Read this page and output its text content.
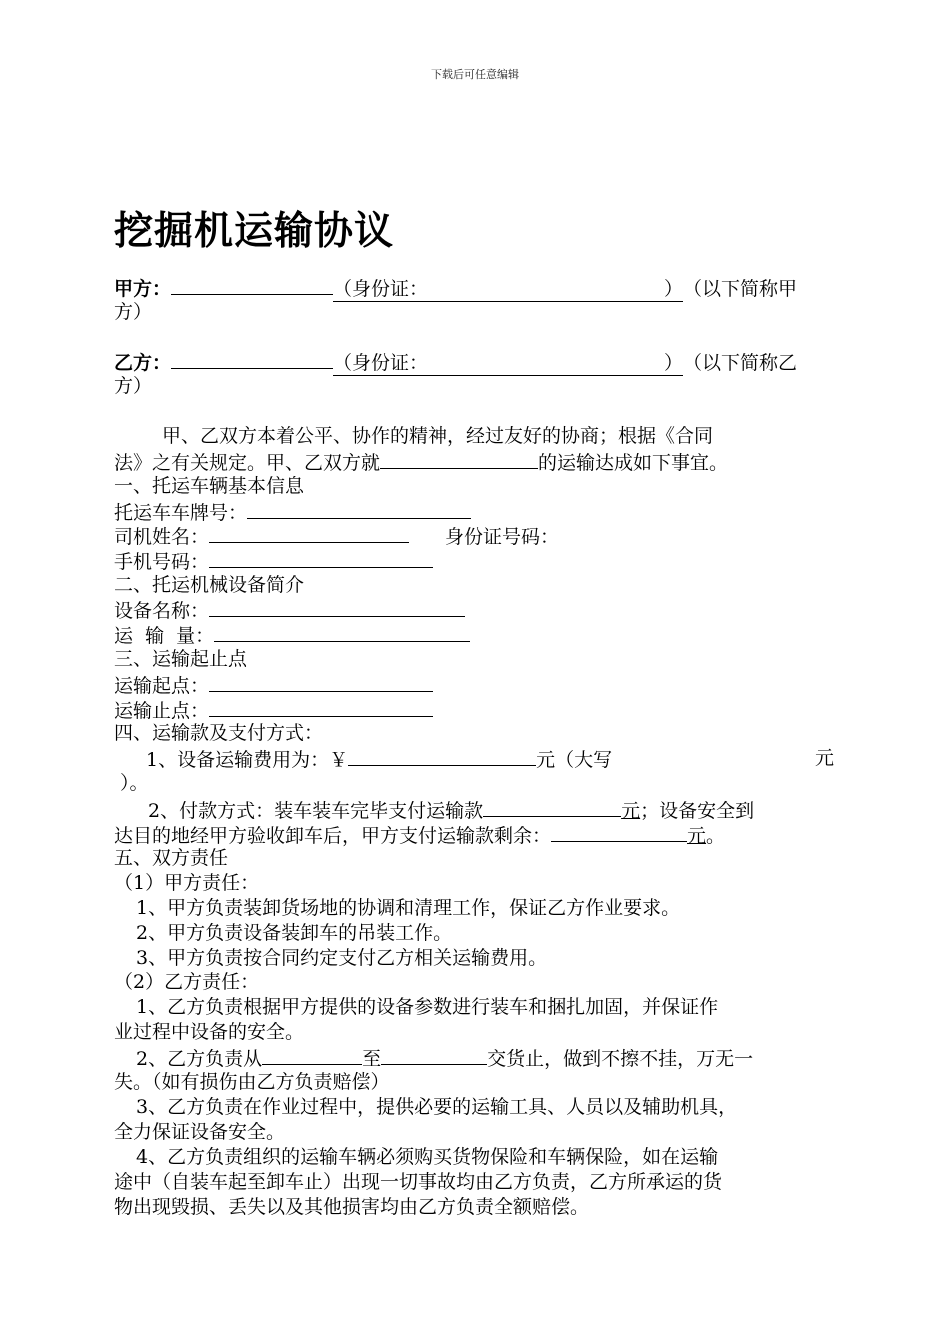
下载后可任意编辑
挖掘机运输协议
甲方：	（身份证：	）（以下简称甲
方）
乙方：	（身份证：	）（以下简称乙
方）
甲、乙双方本着公平、协作的精神，经过友好的协商；根据《合同
法》之有关规定。甲、乙双方就	的运输达成如下事宜。
一、托运车辆基本信息
托运车车牌号：
司机姓名：	身份证号码：
手机号码：
二、托运机械设备简介
设备名称：
运  输  量：
三、运输起止点
运输起点：
运输止点：
四、运输款及支付方式：
1、设备运输费用为：￥	元（大写	元
）。
2、付款方式：装车装车完毕支付运输款	元；设备安全到
达目的地经甲方验收卸车后，甲方支付运输款剩余：	元。
五、双方责任
（1）甲方责任：
1、甲方负责装卸货场地的协调和清理工作，保证乙方作业要求。
2、甲方负责设备装卸车的吊装工作。
3、甲方负责按合同约定支付乙方相关运输费用。
（2）乙方责任：
1、乙方负责根据甲方提供的设备参数进行装车和捆扎加固，并保证作
业过程中设备的安全。
2、乙方负责从	至	交货止，做到不擦不挂，万无一
失。（如有损伤由乙方负责赔偿）
3、乙方负责在作业过程中，提供必要的运输工具、人员以及辅助机具，
全力保证设备安全。
4、乙方负责组织的运输车辆必须购买货物保险和车辆保险，如在运输
途中（自装车起至卸车止）出现一切事故均由乙方负责，乙方所承运的货
物出现毁损、丢失以及其他损害均由乙方负责全额赔偿。
